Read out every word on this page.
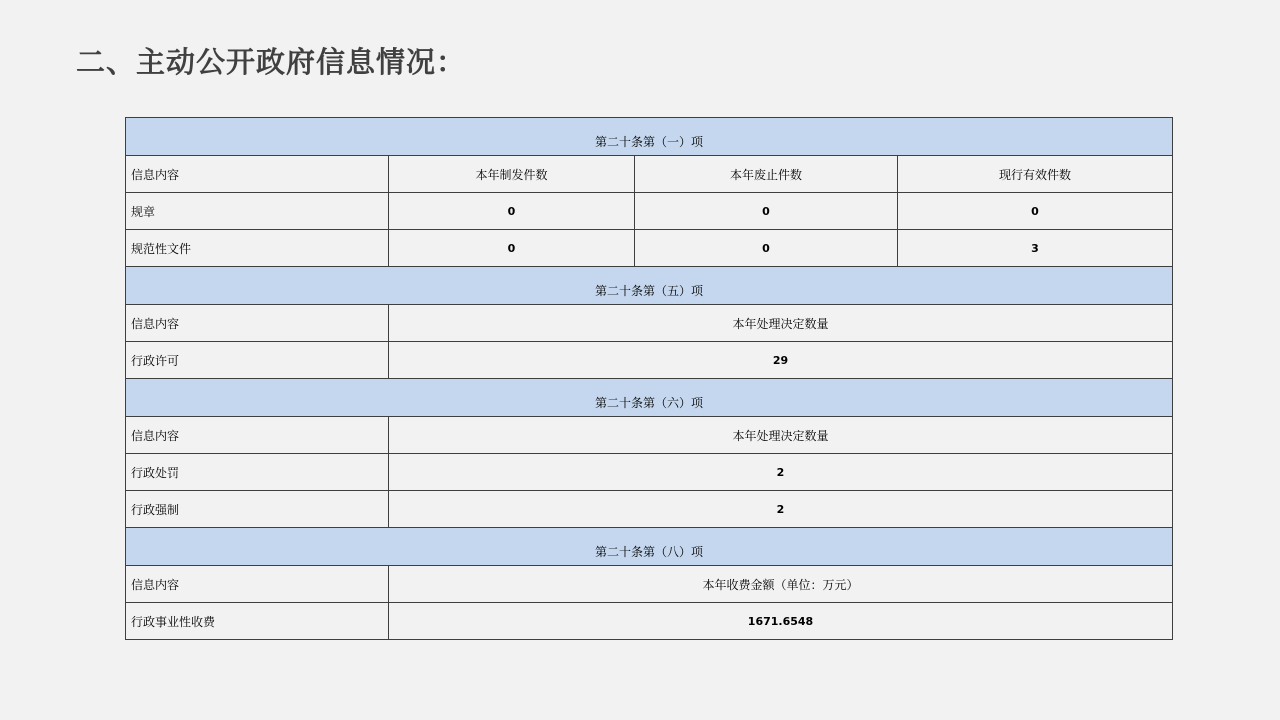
二、主动公开政府信息情况：
第二十条第（一）项			
信息内容	本年制发件数	本年废止件数	现行有效件数
规章	0	0	0
规范性文件	0	0	3
第二十条第（五）项			
信息内容	本年处理决定数量		
行政许可	29		
第二十条第（六）项			
信息内容	本年处理决定数量		
行政处罚	2		
行政强制	2		
第二十条第（八）项			
信息内容	本年收费金额（单位：万元）		
行政事业性收费	1671.6548		
